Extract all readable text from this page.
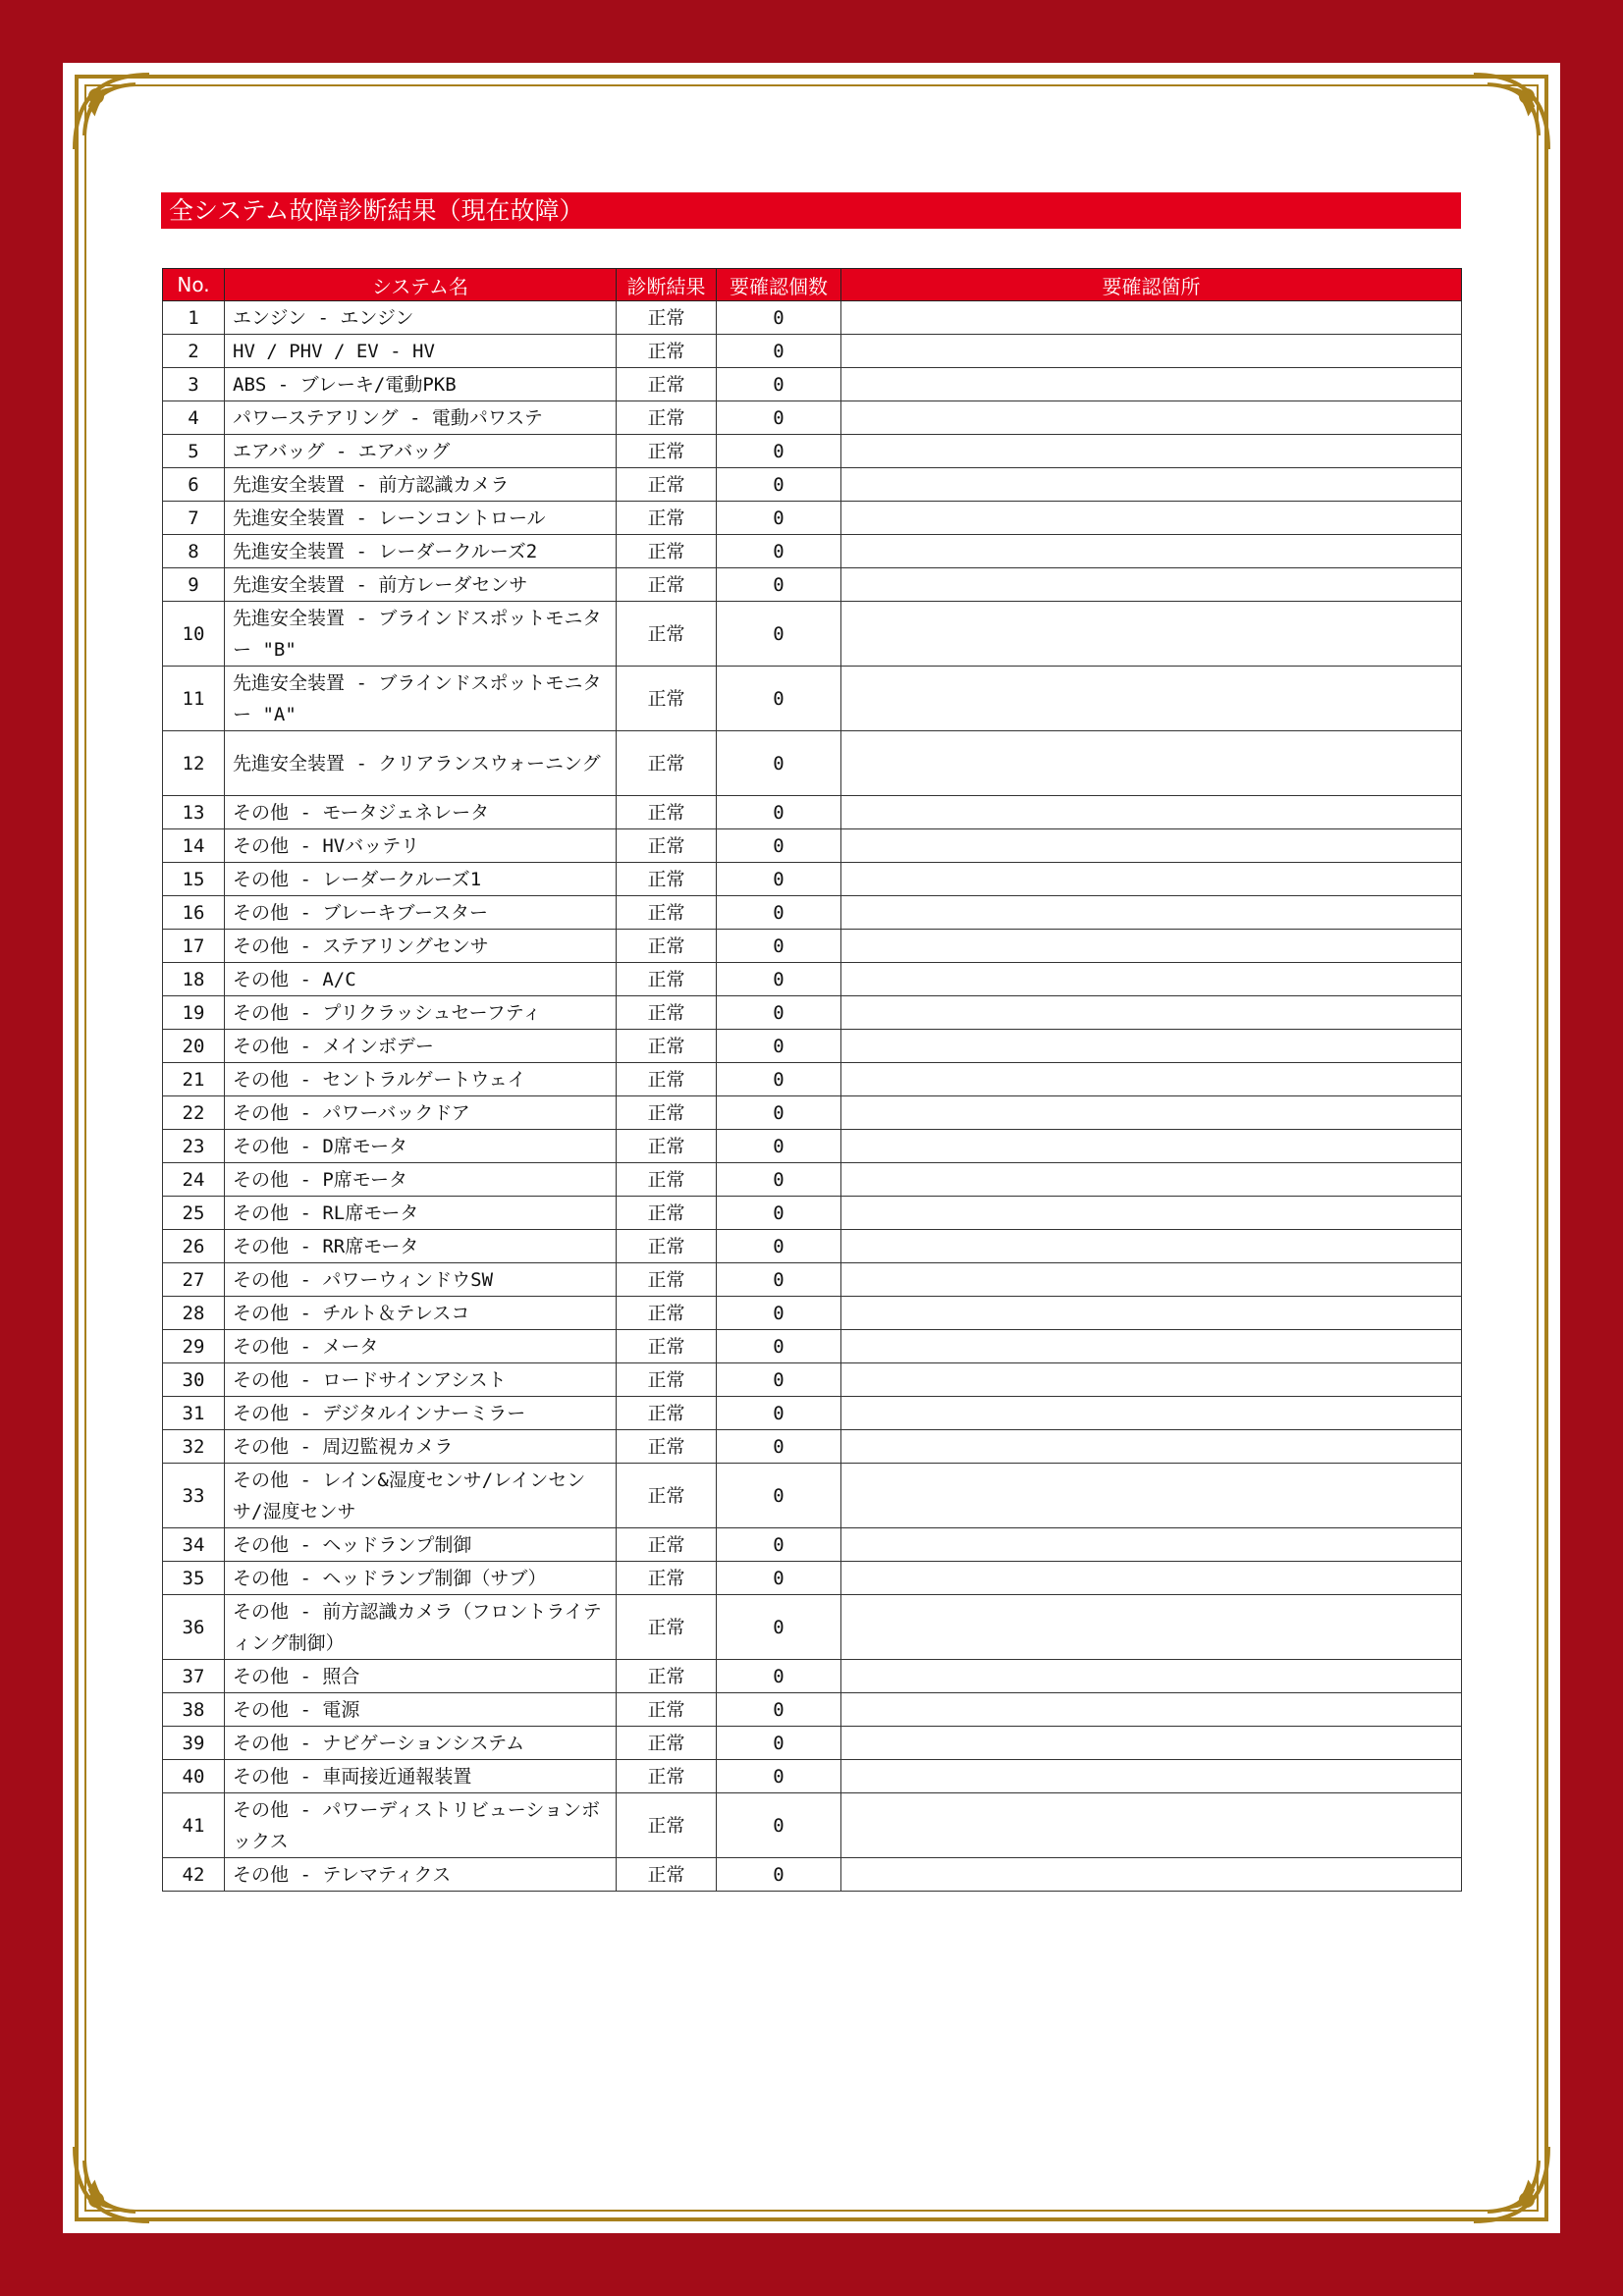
全システム故障診断結果（現在故障）
No.	システム名	診断結果	要確認個数	要確認箇所
1	エンジン - エンジン	正常	0	
2	HV / PHV / EV - HV	正常	0	
3	ABS - ブレーキ/電動PKB	正常	0	
4	パワーステアリング - 電動パワステ	正常	0	
5	エアバッグ - エアバッグ	正常	0	
6	先進安全装置 - 前方認識カメラ	正常	0	
7	先進安全装置 - レーンコントロール	正常	0	
8	先進安全装置 - レーダークルーズ2	正常	0	
9	先進安全装置 - 前方レーダセンサ	正常	0	
10	先進安全装置 - ブラインドスポットモニター "B"	正常	0	
11	先進安全装置 - ブラインドスポットモニター "A"	正常	0	
12	先進安全装置 - クリアランスウォーニング	正常	0	
13	その他 - モータジェネレータ	正常	0	
14	その他 - HVバッテリ	正常	0	
15	その他 - レーダークルーズ1	正常	0	
16	その他 - ブレーキブースター	正常	0	
17	その他 - ステアリングセンサ	正常	0	
18	その他 - A/C	正常	0	
19	その他 - プリクラッシュセーフティ	正常	0	
20	その他 - メインボデー	正常	0	
21	その他 - セントラルゲートウェイ	正常	0	
22	その他 - パワーバックドア	正常	0	
23	その他 - D席モータ	正常	0	
24	その他 - P席モータ	正常	0	
25	その他 - RL席モータ	正常	0	
26	その他 - RR席モータ	正常	0	
27	その他 - パワーウィンドウSW	正常	0	
28	その他 - チルト＆テレスコ	正常	0	
29	その他 - メータ	正常	0	
30	その他 - ロードサインアシスト	正常	0	
31	その他 - デジタルインナーミラー	正常	0	
32	その他 - 周辺監視カメラ	正常	0	
33	その他 - レイン&湿度センサ/レインセンサ/湿度センサ	正常	0	
34	その他 - ヘッドランプ制御	正常	0	
35	その他 - ヘッドランプ制御（サブ）	正常	0	
36	その他 - 前方認識カメラ（フロントライティング制御）	正常	0	
37	その他 - 照合	正常	0	
38	その他 - 電源	正常	0	
39	その他 - ナビゲーションシステム	正常	0	
40	その他 - 車両接近通報装置	正常	0	
41	その他 - パワーディストリビューションボックス	正常	0	
42	その他 - テレマティクス	正常	0	
